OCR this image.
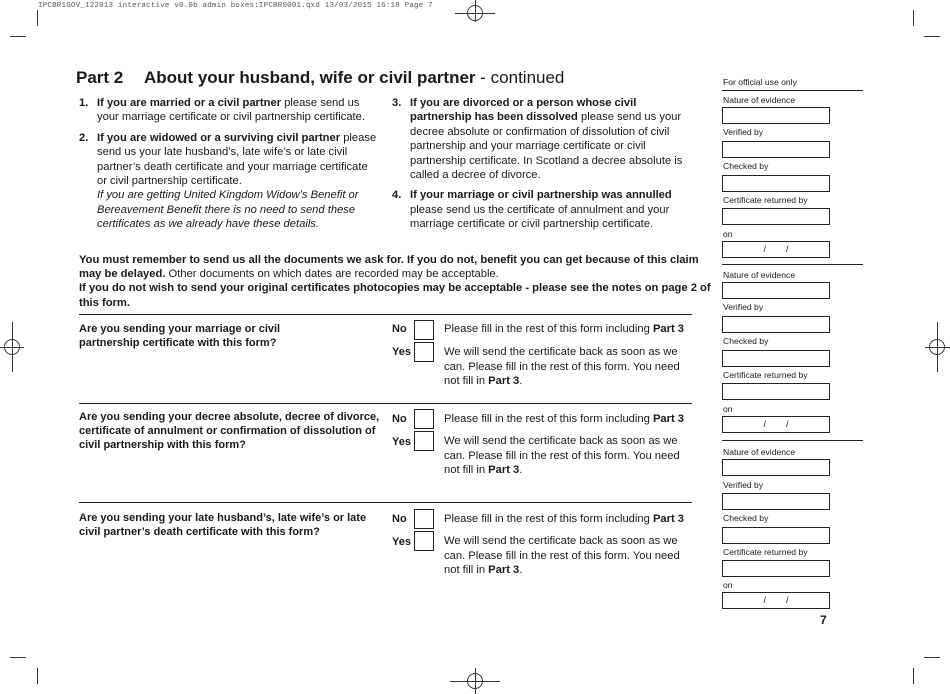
IPCBR1GOV_122013 interactive v0.0b admin boxes:IPCBR0001.qxd 13/03/2015 16:18 Page 7
Part 2 About your husband, wife or civil partner - continued
1. If you are married or a civil partner please send us your marriage certificate or civil partnership certificate.
2. If you are widowed or a surviving civil partner please send us your late husband’s, late wife’s or late civil partner’s death certificate and your marriage certificate or civil partnership certificate.
If you are getting United Kingdom Widow’s Benefit or Bereavement Benefit there is no need to send these certificates as we already have these details.
3. If you are divorced or a person whose civil partnership has been dissolved please send us your decree absolute or confirmation of dissolution of civil partnership and your marriage certificate or civil partnership certificate. In Scotland a decree absolute is called a decree of divorce.
4. If your marriage or civil partnership was annulled please send us the certificate of annulment and your marriage certificate or civil partnership certificate.
You must remember to send us all the documents we ask for. If you do not, benefit you can get because of this claim may be delayed. Other documents on which dates are recorded may be acceptable.
If you do not wish to send your original certificates photocopies may be acceptable - please see the notes on page 2 of this form.
Are you sending your marriage or civil partnership certificate with this form?
No	Please fill in the rest of this form including Part 3
Yes	We will send the certificate back as soon as we can. Please fill in the rest of this form. You need not fill in Part 3.
Are you sending your decree absolute, decree of divorce, certificate of annulment or confirmation of dissolution of civil partnership with this form?
No	Please fill in the rest of this form including Part 3
Yes	We will send the certificate back as soon as we can. Please fill in the rest of this form. You need not fill in Part 3.
Are you sending your late husband’s, late wife’s or late civil partner’s death certificate with this form?
No	Please fill in the rest of this form including Part 3
Yes	We will send the certificate back as soon as we can. Please fill in the rest of this form. You need not fill in Part 3.
For official use only
Nature of evidence
Verified by
Checked by
Certificate returned by
on
/        /
Nature of evidence
Verified by
Checked by
Certificate returned by
on
/        /
Nature of evidence
Verified by
Checked by
Certificate returned by
on
/        /
7
